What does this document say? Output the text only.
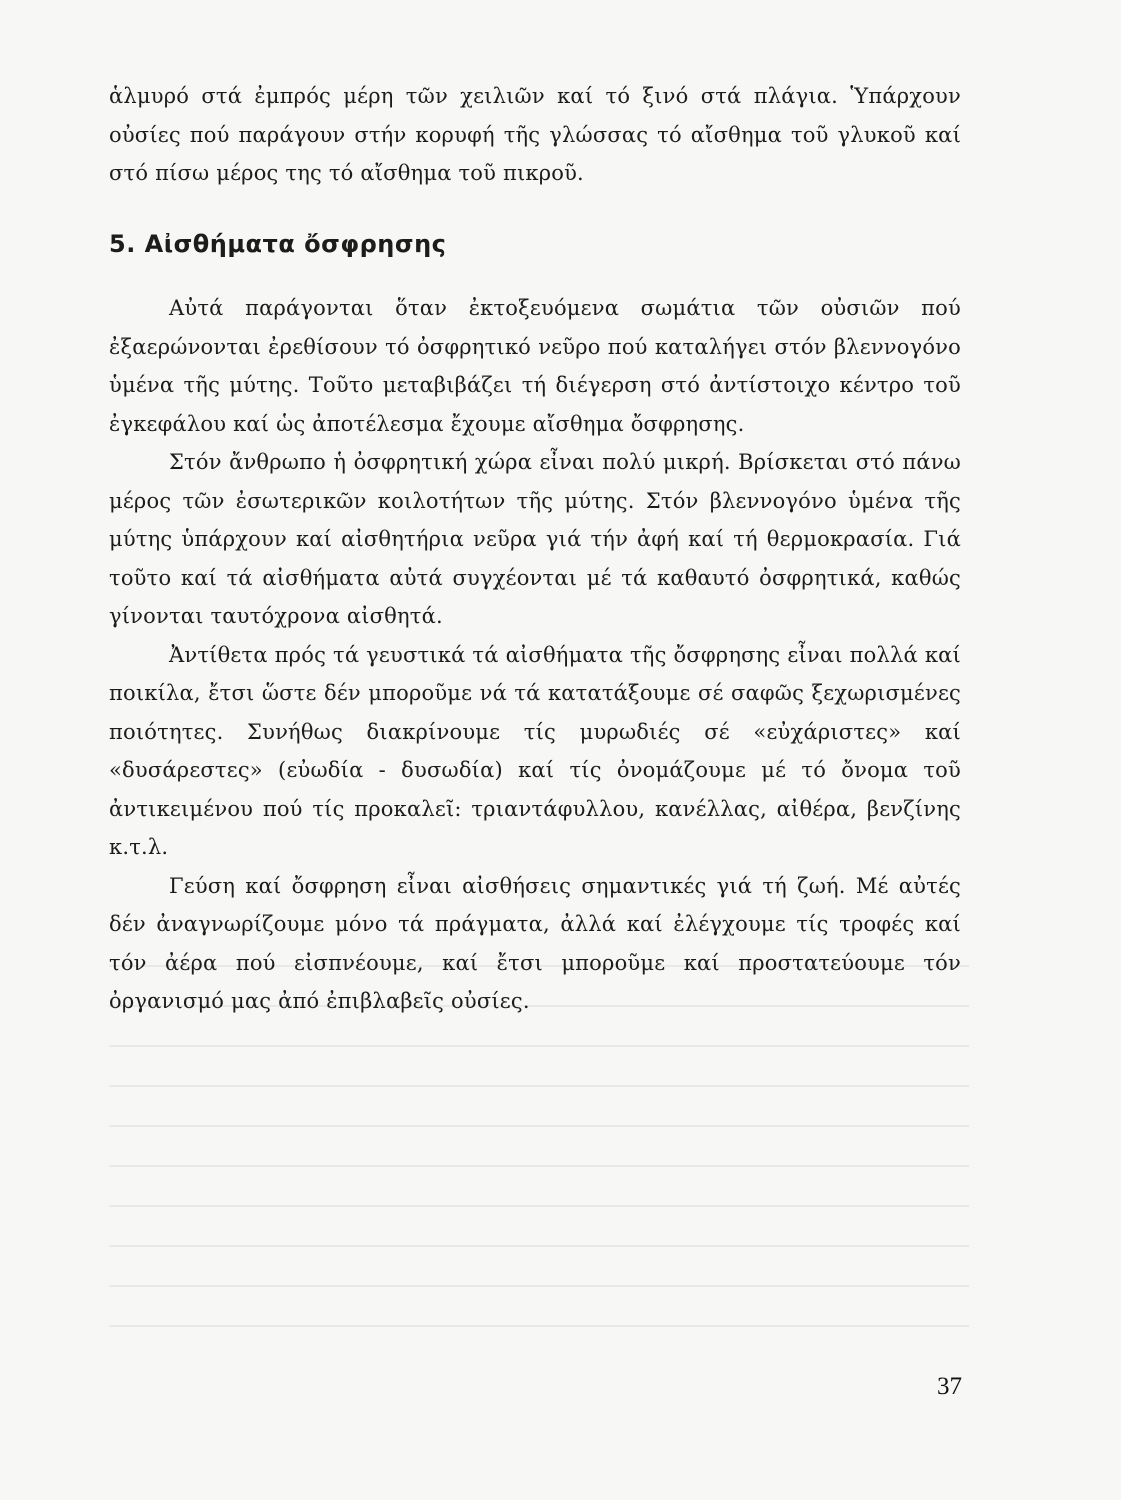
ἁλμυρό στά ἐμπρός μέρη τῶν χειλιῶν καί τό ξινό στά πλάγια. Ὑπάρχουν οὐσίες πού παράγουν στήν κορυφή τῆς γλώσσας τό αἴσθημα τοῦ γλυκοῦ καί στό πίσω μέρος της τό αἴσθημα τοῦ πικροῦ.

5. Αἰσθήματα ὄσφρησης

Αὐτά παράγονται ὅταν ἐκτοξευόμενα σωμάτια τῶν οὐσιῶν πού ἐξαερώνονται ἐρεθίσουν τό ὀσφρητικό νεῦρο πού καταλήγει στόν βλεννογόνο ὑμένα τῆς μύτης. Τοῦτο μεταβιβάζει τή διέγερση στό ἀντίστοιχο κέντρο τοῦ ἐγκεφάλου καί ὡς ἀποτέλεσμα ἔχουμε αἴσθημα ὄσφρησης.

Στόν ἄνθρωπο ἡ ὀσφρητική χώρα εἶναι πολύ μικρή. Βρίσκεται στό πάνω μέρος τῶν ἐσωτερικῶν κοιλοτήτων τῆς μύτης. Στόν βλεννογόνο ὑμένα τῆς μύτης ὑπάρχουν καί αἰσθητήρια νεῦρα γιά τήν ἀφή καί τή θερμοκρασία. Γιά τοῦτο καί τά αἰσθήματα αὐτά συγχέονται μέ τά καθαυτό ὀσφρητικά, καθώς γίνονται ταυτόχρονα αἰσθητά.

Ἀντίθετα πρός τά γευστικά τά αἰσθήματα τῆς ὄσφρησης εἶναι πολλά καί ποικίλα, ἔτσι ὥστε δέν μποροῦμε νά τά κατατάξουμε σέ σαφῶς ξεχωρισμένες ποιότητες. Συνήθως διακρίνουμε τίς μυρωδιές σέ «εὐχάριστες» καί «δυσάρεστες» (εὐωδία - δυσωδία) καί τίς ὀνομάζουμε μέ τό ὄνομα τοῦ ἀντικειμένου πού τίς προκαλεῖ: τριαντάφυλλου, κανέλλας, αἰθέρα, βενζίνης κ.τ.λ.

Γεύση καί ὄσφρηση εἶναι αἰσθήσεις σημαντικές γιά τή ζωή. Μέ αὐτές δέν ἀναγνωρίζουμε μόνο τά πράγματα, ἀλλά καί ἐλέγχουμε τίς τροφές καί τόν ἀέρα πού εἰσπνέουμε, καί ἔτσι μποροῦμε καί προστατεύουμε τόν ὀργανισμό μας ἀπό ἐπιβλαβεῖς οὐσίες.

37
